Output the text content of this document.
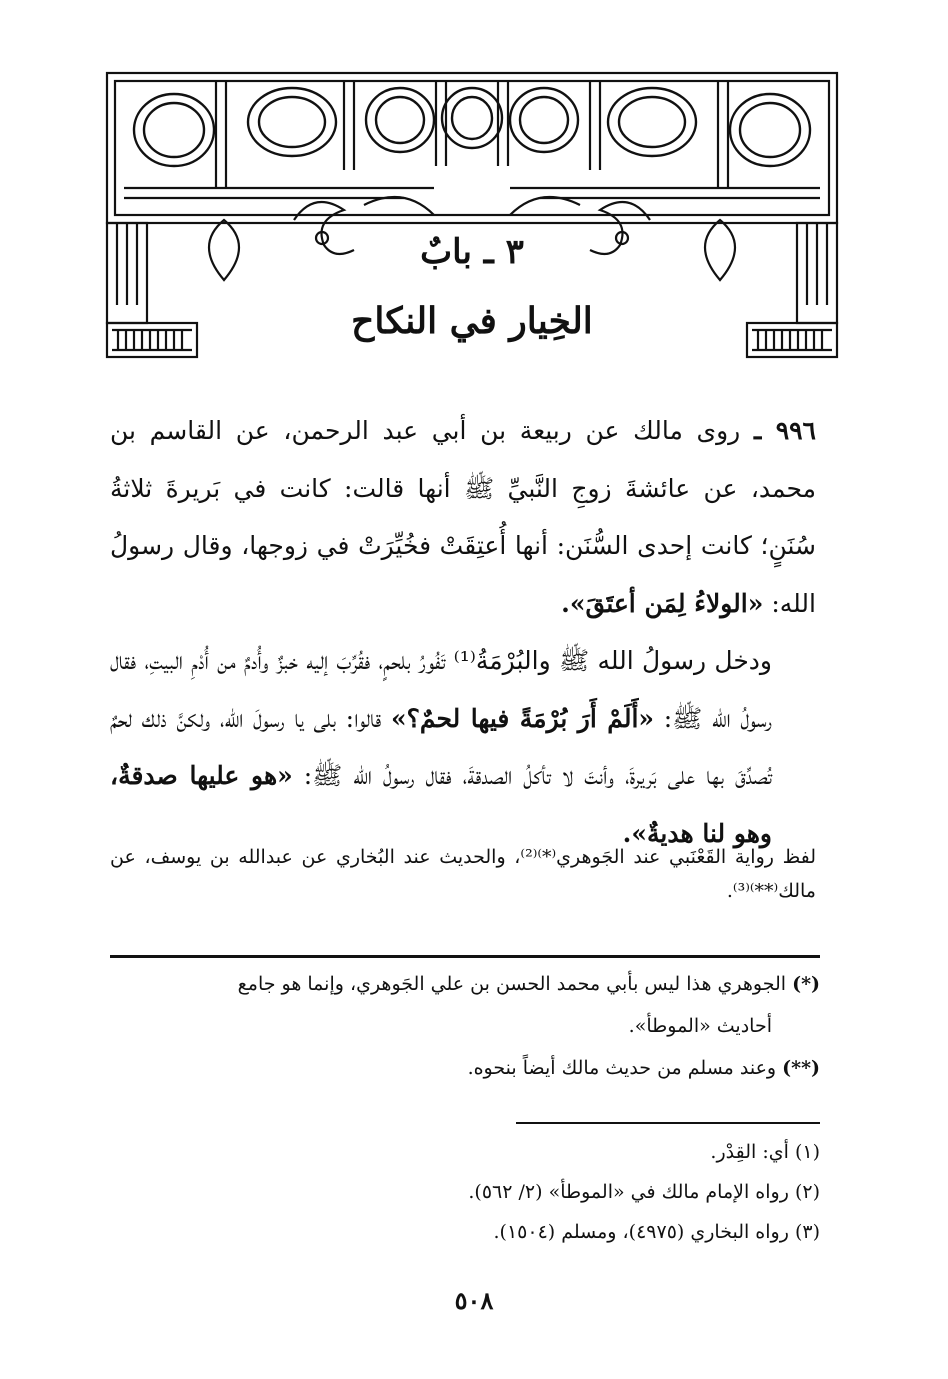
٣ ـ بابٌ
الخِيار في النكاح

٩٩٦ ـ روى مالك عن ربيعة بن أبي عبد الرحمن، عن القاسم بن محمد، عن عائشةَ زوجِ النَّبيِّ ﷺ أنها قالت: كانت في بَريرةَ ثلاثةُ سُنَنٍ؛ كانت إحدى السُّنَن: أنها أُعتِقَتْ فخُيِّرَتْ في زوجها، وقال رسولُ الله: «الولاءُ لِمَن أعتَقَ».

ودخل رسولُ الله ﷺ والبُرْمَةُ⁽¹⁾ تَفُورُ بلحمٍ، فقُرِّبَ إليه خبزٌ وأُدمٌ من أُدْمِ البيتِ، فقال رسولُ الله ﷺ: «أَلَمْ أَرَ بُرْمَةً فيها لحمٌ؟» قالوا: بلى يا رسولَ الله، ولكنَّ ذلك لحمٌ تُصدِّقَ بها على بَريرةَ، وأنتَ لا تأكلُ الصدقةَ، فقال رسولُ الله ﷺ: «هو عليها صدقةٌ، وهو لنا هديةٌ».

لفظ رواية القَعْنَبي عند الجَوهري⁽*⁾⁽²⁾، والحديث عند البُخاري عن عبدالله بن يوسف، عن مالك⁽**⁾⁽³⁾.

(*) الجوهري هذا ليس بأبي محمد الحسن بن علي الجَوهري، وإنما هو جامع

أحاديث «الموطأ».

(**) وعند مسلم من حديث مالك أيضاً بنحوه.

(١) أي: القِدْر.

(٢) رواه الإمام مالك في «الموطأ» (٢/ ٥٦٢).

(٣) رواه البخاري (٤٩٧٥)، ومسلم (١٥٠٤).

٥٠٨
